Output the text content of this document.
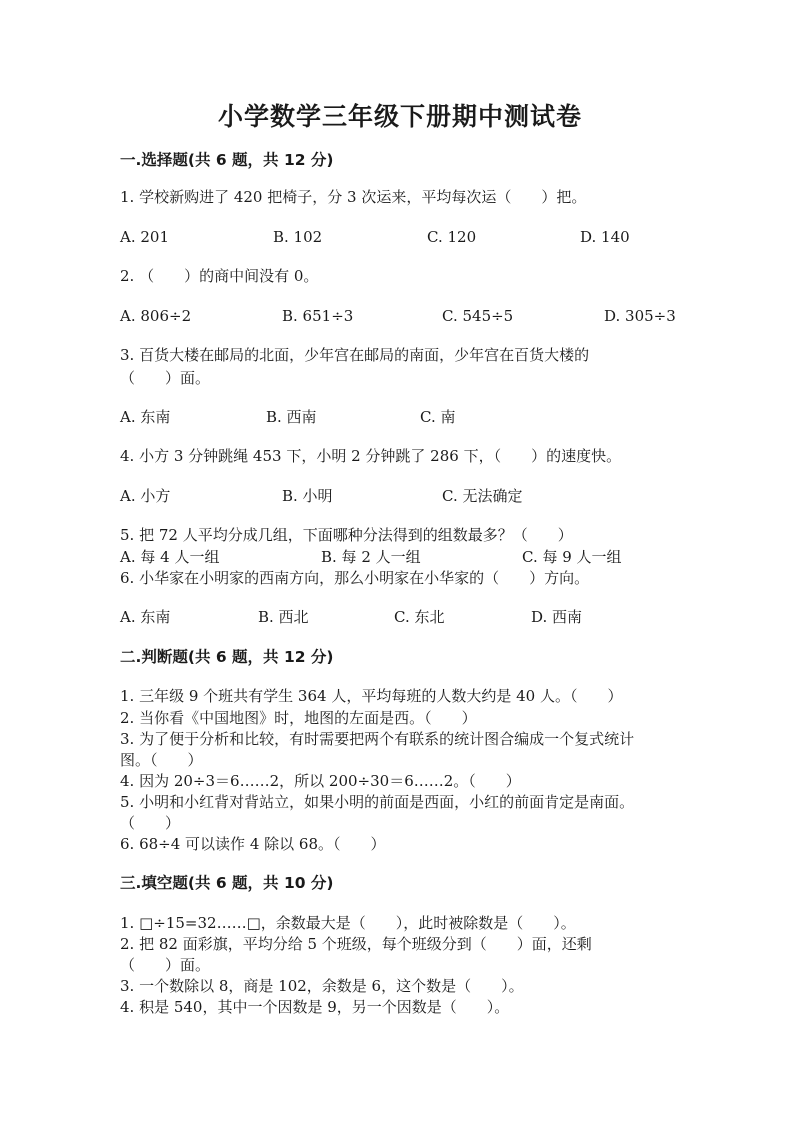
小学数学三年级下册期中测试卷
一.选择题(共 6 题，共 12 分)
1. 学校新购进了 420 把椅子，分 3 次运来，平均每次运（　　）把。
A. 201	B. 102	C. 120	D. 140
2. （　　）的商中间没有 0。
A. 806÷2	B. 651÷3	C. 545÷5	D. 305÷3
3. 百货大楼在邮局的北面，少年宫在邮局的南面，少年宫在百货大楼的
（　　）面。
A. 东南	B. 西南	C. 南
4. 小方 3 分钟跳绳 453 下，小明 2 分钟跳了 286 下，（　　）的速度快。
A. 小方	B. 小明	C. 无法确定
5. 把 72 人平均分成几组，下面哪种分法得到的组数最多？（　　）
A. 每 4 人一组	B. 每 2 人一组	C. 每 9 人一组
6. 小华家在小明家的西南方向，那么小明家在小华家的（　　）方向。
A. 东南	B. 西北	C. 东北	D. 西南
二.判断题(共 6 题，共 12 分)
1. 三年级 9 个班共有学生 364 人，平均每班的人数大约是 40 人。（　　）
2. 当你看《中国地图》时，地图的左面是西。（　　）
3. 为了便于分析和比较，有时需要把两个有联系的统计图合编成一个复式统计
图。（　　）
4. 因为 20÷3＝6……2，所以 200÷30＝6……2。（　　）
5. 小明和小红背对背站立，如果小明的前面是西面，小红的前面肯定是南面。
（　　）
6. 68÷4 可以读作 4 除以 68。（　　）
三.填空题(共 6 题，共 10 分)
1. □÷15=32……□，余数最大是（　　），此时被除数是（　　）。
2. 把 82 面彩旗，平均分给 5 个班级，每个班级分到（　　）面，还剩
（　　）面。
3. 一个数除以 8，商是 102，余数是 6，这个数是（　　）。
4. 积是 540，其中一个因数是 9，另一个因数是（　　）。
